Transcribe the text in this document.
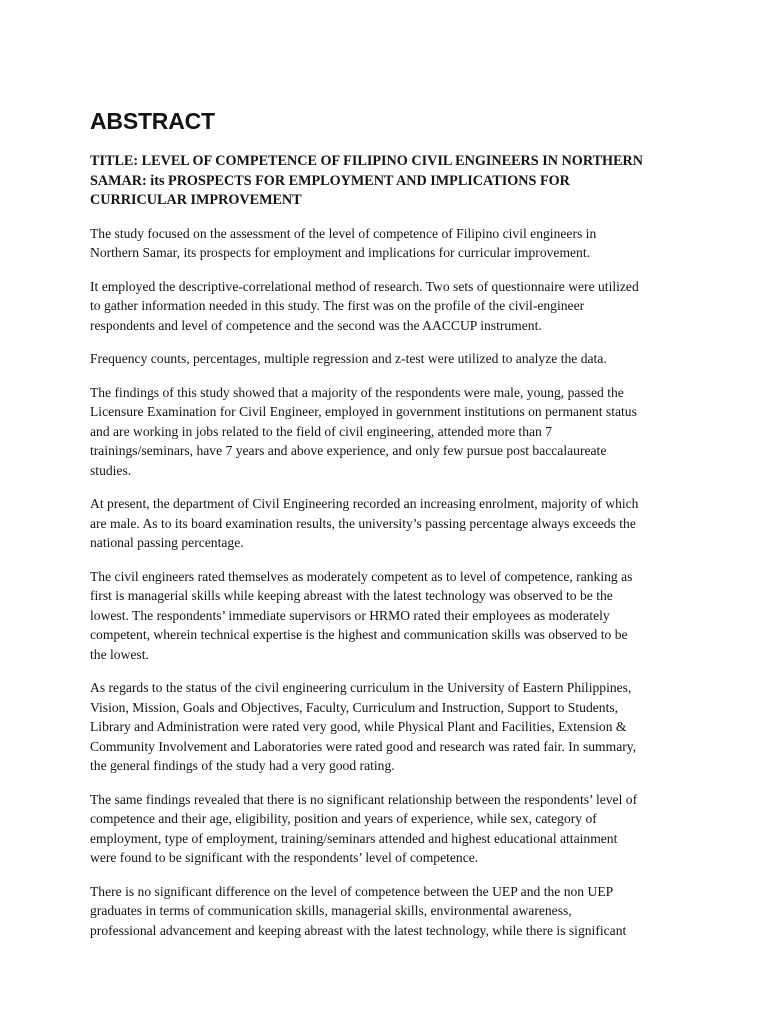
ABSTRACT
TITLE: LEVEL OF COMPETENCE OF FILIPINO CIVIL ENGINEERS IN NORTHERN
SAMAR: its PROSPECTS FOR EMPLOYMENT AND IMPLICATIONS FOR
CURRICULAR IMPROVEMENT

The study focused on the assessment of the level of competence of Filipino civil engineers in
Northern Samar, its prospects for employment and implications for curricular improvement.

It employed the descriptive-correlational method of research. Two sets of questionnaire were utilized
to gather information needed in this study. The first was on the profile of the civil-engineer
respondents and level of competence and the second was the AACCUP instrument.

Frequency counts, percentages, multiple regression and z-test were utilized to analyze the data.

The findings of this study showed that a majority of the respondents were male, young, passed the
Licensure Examination for Civil Engineer, employed in government institutions on permanent status
and are working in jobs related to the field of civil engineering, attended more than 7
trainings/seminars, have 7 years and above experience, and only few pursue post baccalaureate
studies.

At present, the department of Civil Engineering recorded an increasing enrolment, majority of which
are male. As to its board examination results, the university’s passing percentage always exceeds the
national passing percentage.

The civil engineers rated themselves as moderately competent as to level of competence, ranking as
first is managerial skills while keeping abreast with the latest technology was observed to be the
lowest. The respondents’ immediate supervisors or HRMO rated their employees as moderately
competent, wherein technical expertise is the highest and communication skills was observed to be
the lowest.

As regards to the status of the civil engineering curriculum in the University of Eastern Philippines,
Vision, Mission, Goals and Objectives, Faculty, Curriculum and Instruction, Support to Students,
Library and Administration were rated very good, while Physical Plant and Facilities, Extension &
Community Involvement and Laboratories were rated good and research was rated fair. In summary,
the general findings of the study had a very good rating.

The same findings revealed that there is no significant relationship between the respondents’ level of
competence and their age, eligibility, position and years of experience, while sex, category of
employment, type of employment, training/seminars attended and highest educational attainment
were found to be significant with the respondents’ level of competence.

There is no significant difference on the level of competence between the UEP and the non UEP
graduates in terms of communication skills, managerial skills, environmental awareness,
professional advancement and keeping abreast with the latest technology, while there is significant
